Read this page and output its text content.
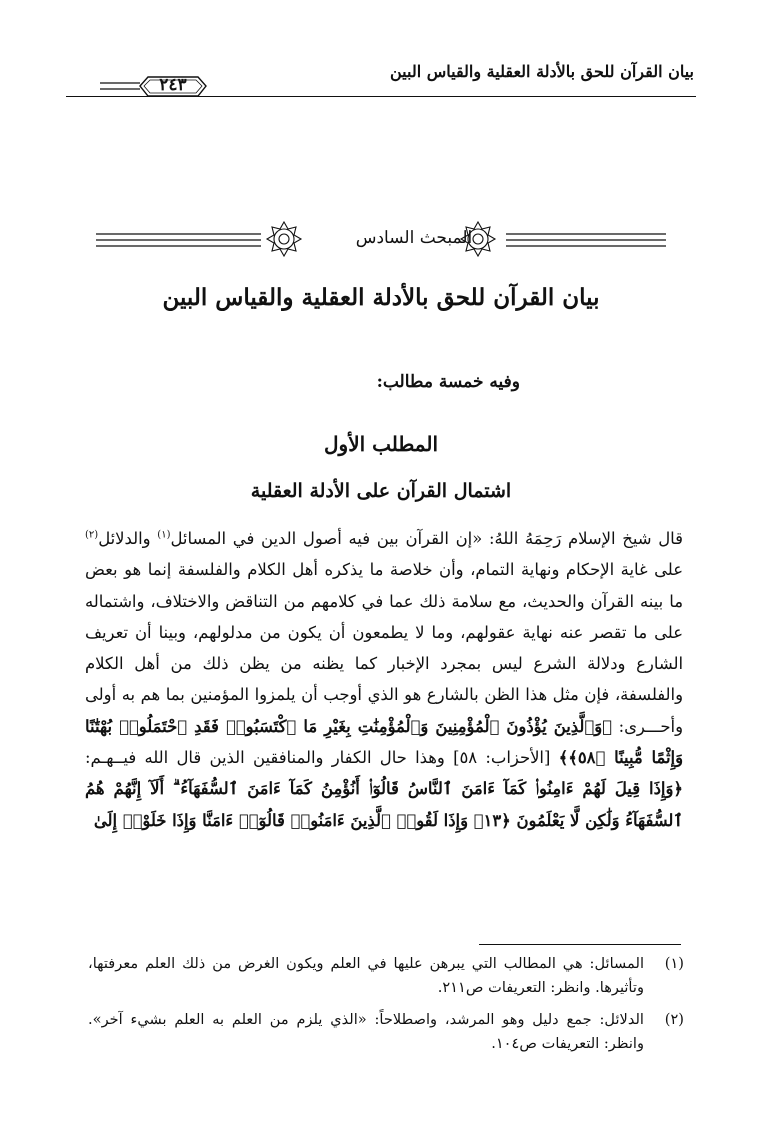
بيان القرآن للحق بالأدلة العقلية والقياس البين
٢٤٣
المبحث السادس
بيان القرآن للحق بالأدلة العقلية والقياس البين
وفيه خمسة مطالب:
المطلب الأول
اشتمال القرآن على الأدلة العقلية
قال شيخ الإسلام رَحِمَهُ اللهُ: «إن القرآن بين فيه أصول الدين في المسائل$^{(١)}$ والدلائل$^{(٢)}$ على غاية الإحكام ونهاية التمام، وأن خلاصة ما يذكره أهل الكلام والفلسفة إنما هو بعض ما بينه القرآن والحديث، مع سلامة ذلك عما في كلامهم من التناقض والاختلاف، واشتماله على ما تقصر عنه نهاية عقولهم، وما لا يطمعون أن يكون من مدلولهم، وبينا أن تعريف الشارع ودلالة الشرع ليس بمجرد الإخبار كما يظنه من يظن ذلك من أهل الكلام والفلسفة، فإن مثل هذا الظن بالشارع هو الذي أوجب أن يلمزوا المؤمنين بما هم به أولى وأحـــرى: ﴿وَٱلَّذِينَ يُؤْذُونَ ٱلْمُؤْمِنِينَ وَٱلْمُؤْمِنَٰتِ بِغَيْرِ مَا ٱكْتَسَبُوا۟ فَقَدِ ٱحْتَمَلُوا۟ بُهْتَٰنًا وَإِثْمًا مُّبِينًا ﴿٥٨﴾﴾ [الأحزاب: ٥٨] وهذا حال الكفار والمنافقين الذين قال الله فيــهـم: ﴿وَإِذَا قِيلَ لَهُمْ ءَامِنُوا۟ كَمَآ ءَامَنَ ٱلنَّاسُ قَالُوٓا۟ أَنُؤْمِنُ كَمَآ ءَامَنَ ٱلسُّفَهَآءُ ۗ أَلَآ إِنَّهُمْ هُمُ ٱلسُّفَهَآءُ وَلَٰكِن لَّا يَعْلَمُونَ ﴿١٣﴾ وَإِذَا لَقُوا۟ ٱلَّذِينَ ءَامَنُوا۟ قَالُوٓا۟ ءَامَنَّا وَإِذَا خَلَوْا۟ إِلَىٰ
(١)
المسائل: هي المطالب التي يبرهن عليها في العلم ويكون الغرض من ذلك العلم معرفتها، وتأثيرها. وانظر: التعريفات ص٢١١.
(٢)
الدلائل: جمع دليل وهو المرشد، واصطلاحاً: «الذي يلزم من العلم به العلم بشيء آخر». وانظر: التعريفات ص١٠٤.
